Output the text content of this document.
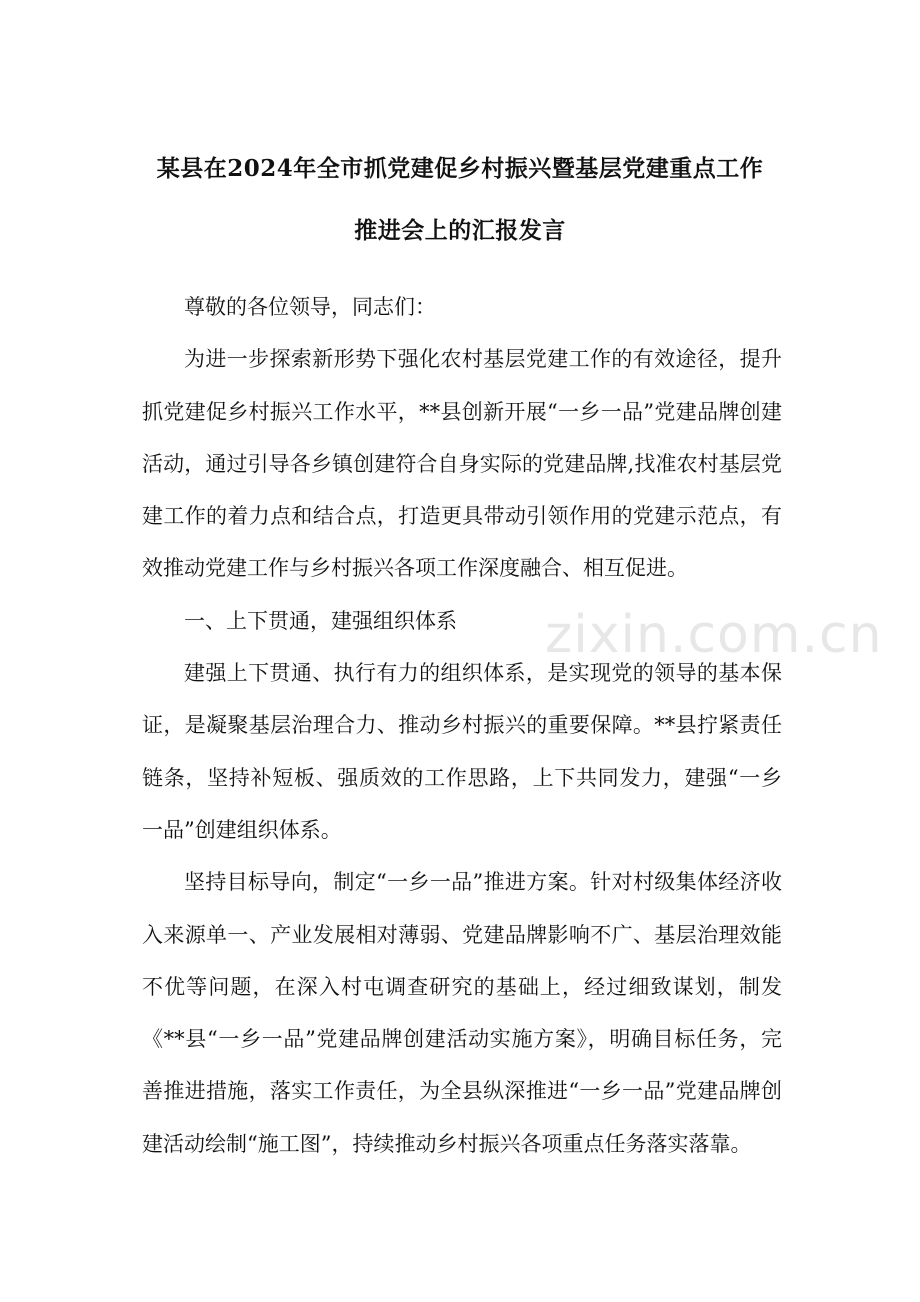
某县在2024年全市抓党建促乡村振兴暨基层党建重点工作
推进会上的汇报发言

尊敬的各位领导，同志们：

为进一步探索新形势下强化农村基层党建工作的有效途径，提升抓党建促乡村振兴工作水平，**县创新开展“一乡一品”党建品牌创建活动，通过引导各乡镇创建符合自身实际的党建品牌,找准农村基层党建工作的着力点和结合点，打造更具带动引领作用的党建示范点，有效推动党建工作与乡村振兴各项工作深度融合、相互促进。

一、上下贯通，建强组织体系

建强上下贯通、执行有力的组织体系，是实现党的领导的基本保证，是凝聚基层治理合力、推动乡村振兴的重要保障。**县拧紧责任链条，坚持补短板、强质效的工作思路，上下共同发力，建强“一乡一品”创建组织体系。

坚持目标导向，制定“一乡一品”推进方案。针对村级集体经济收入来源单一、产业发展相对薄弱、党建品牌影响不广、基层治理效能不优等问题，在深入村屯调查研究的基础上，经过细致谋划，制发《**县“一乡一品”党建品牌创建活动实施方案》，明确目标任务，完善推进措施，落实工作责任，为全县纵深推进“一乡一品”党建品牌创建活动绘制“施工图”，持续推动乡村振兴各项重点任务落实落靠。

zixin.com.cn
